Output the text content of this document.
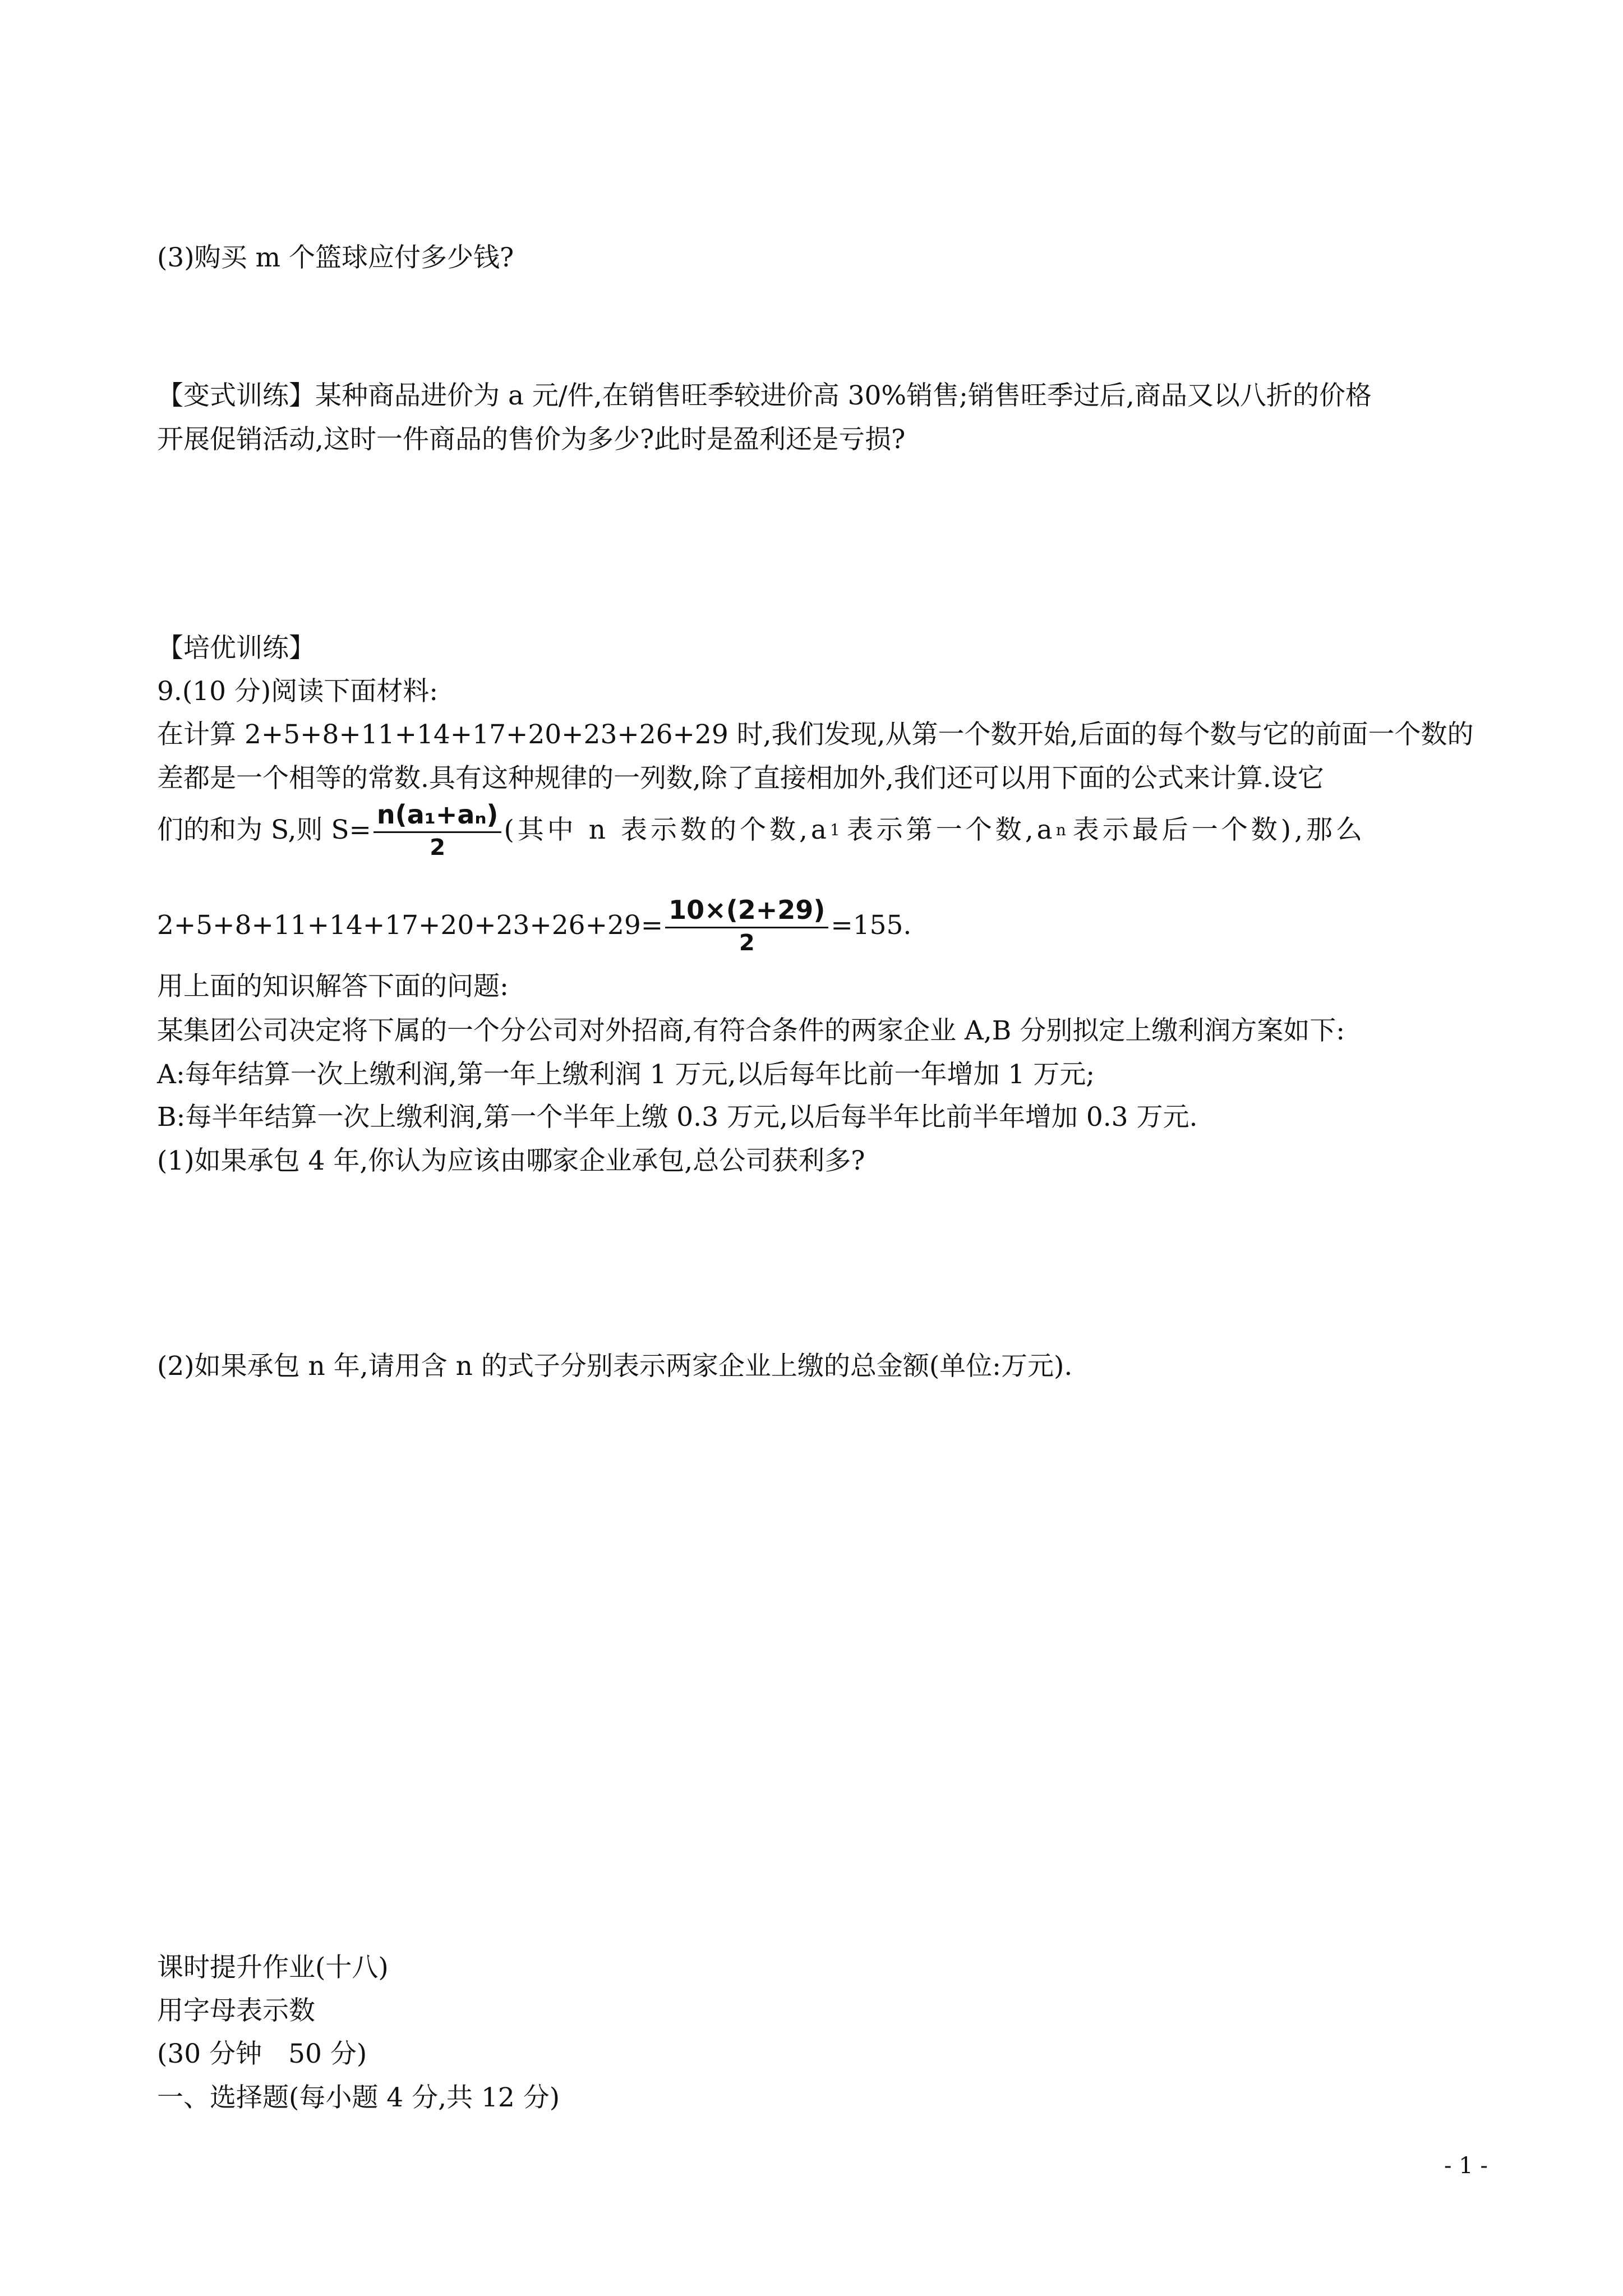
(3)购买 m 个篮球应付多少钱?
【变式训练】某种商品进价为 a 元/件,在销售旺季较进价高 30%销售;销售旺季过后,商品又以八折的价格
开展促销活动,这时一件商品的售价为多少?此时是盈利还是亏损?
【培优训练】
9.(10 分)阅读下面材料:
在计算 2+5+8+11+14+17+20+23+26+29 时,我们发现,从第一个数开始,后面的每个数与它的前面一个数的
差都是一个相等的常数.具有这种规律的一列数,除了直接相加外,我们还可以用下面的公式来计算.设它
们的和为 S,则 $S= \frac{\text{n(a₁+aₙ)}}{2}$ (其中 n 表示数的个数,a 1 表示第一个数,a n 表示最后一个数),那么
$2+5+8+11+14+17+20+23+26+29= \frac{10\times(2+29)}{2} =155$.
用上面的知识解答下面的问题:
某集团公司决定将下属的一个分公司对外招商,有符合条件的两家企业 A,B 分别拟定上缴利润方案如下:
A:每年结算一次上缴利润,第一年上缴利润 1 万元,以后每年比前一年增加 1 万元;
B:每半年结算一次上缴利润,第一个半年上缴 0.3 万元,以后每半年比前半年增加 0.3 万元.
(1)如果承包 4 年,你认为应该由哪家企业承包,总公司获利多?
(2)如果承包 n 年,请用含 n 的式子分别表示两家企业上缴的总金额(单位:万元).
课时提升作业(十八)
用字母表示数
(30 分钟　50 分)
一、选择题(每小题 4 分,共 12 分)
- 1 -
